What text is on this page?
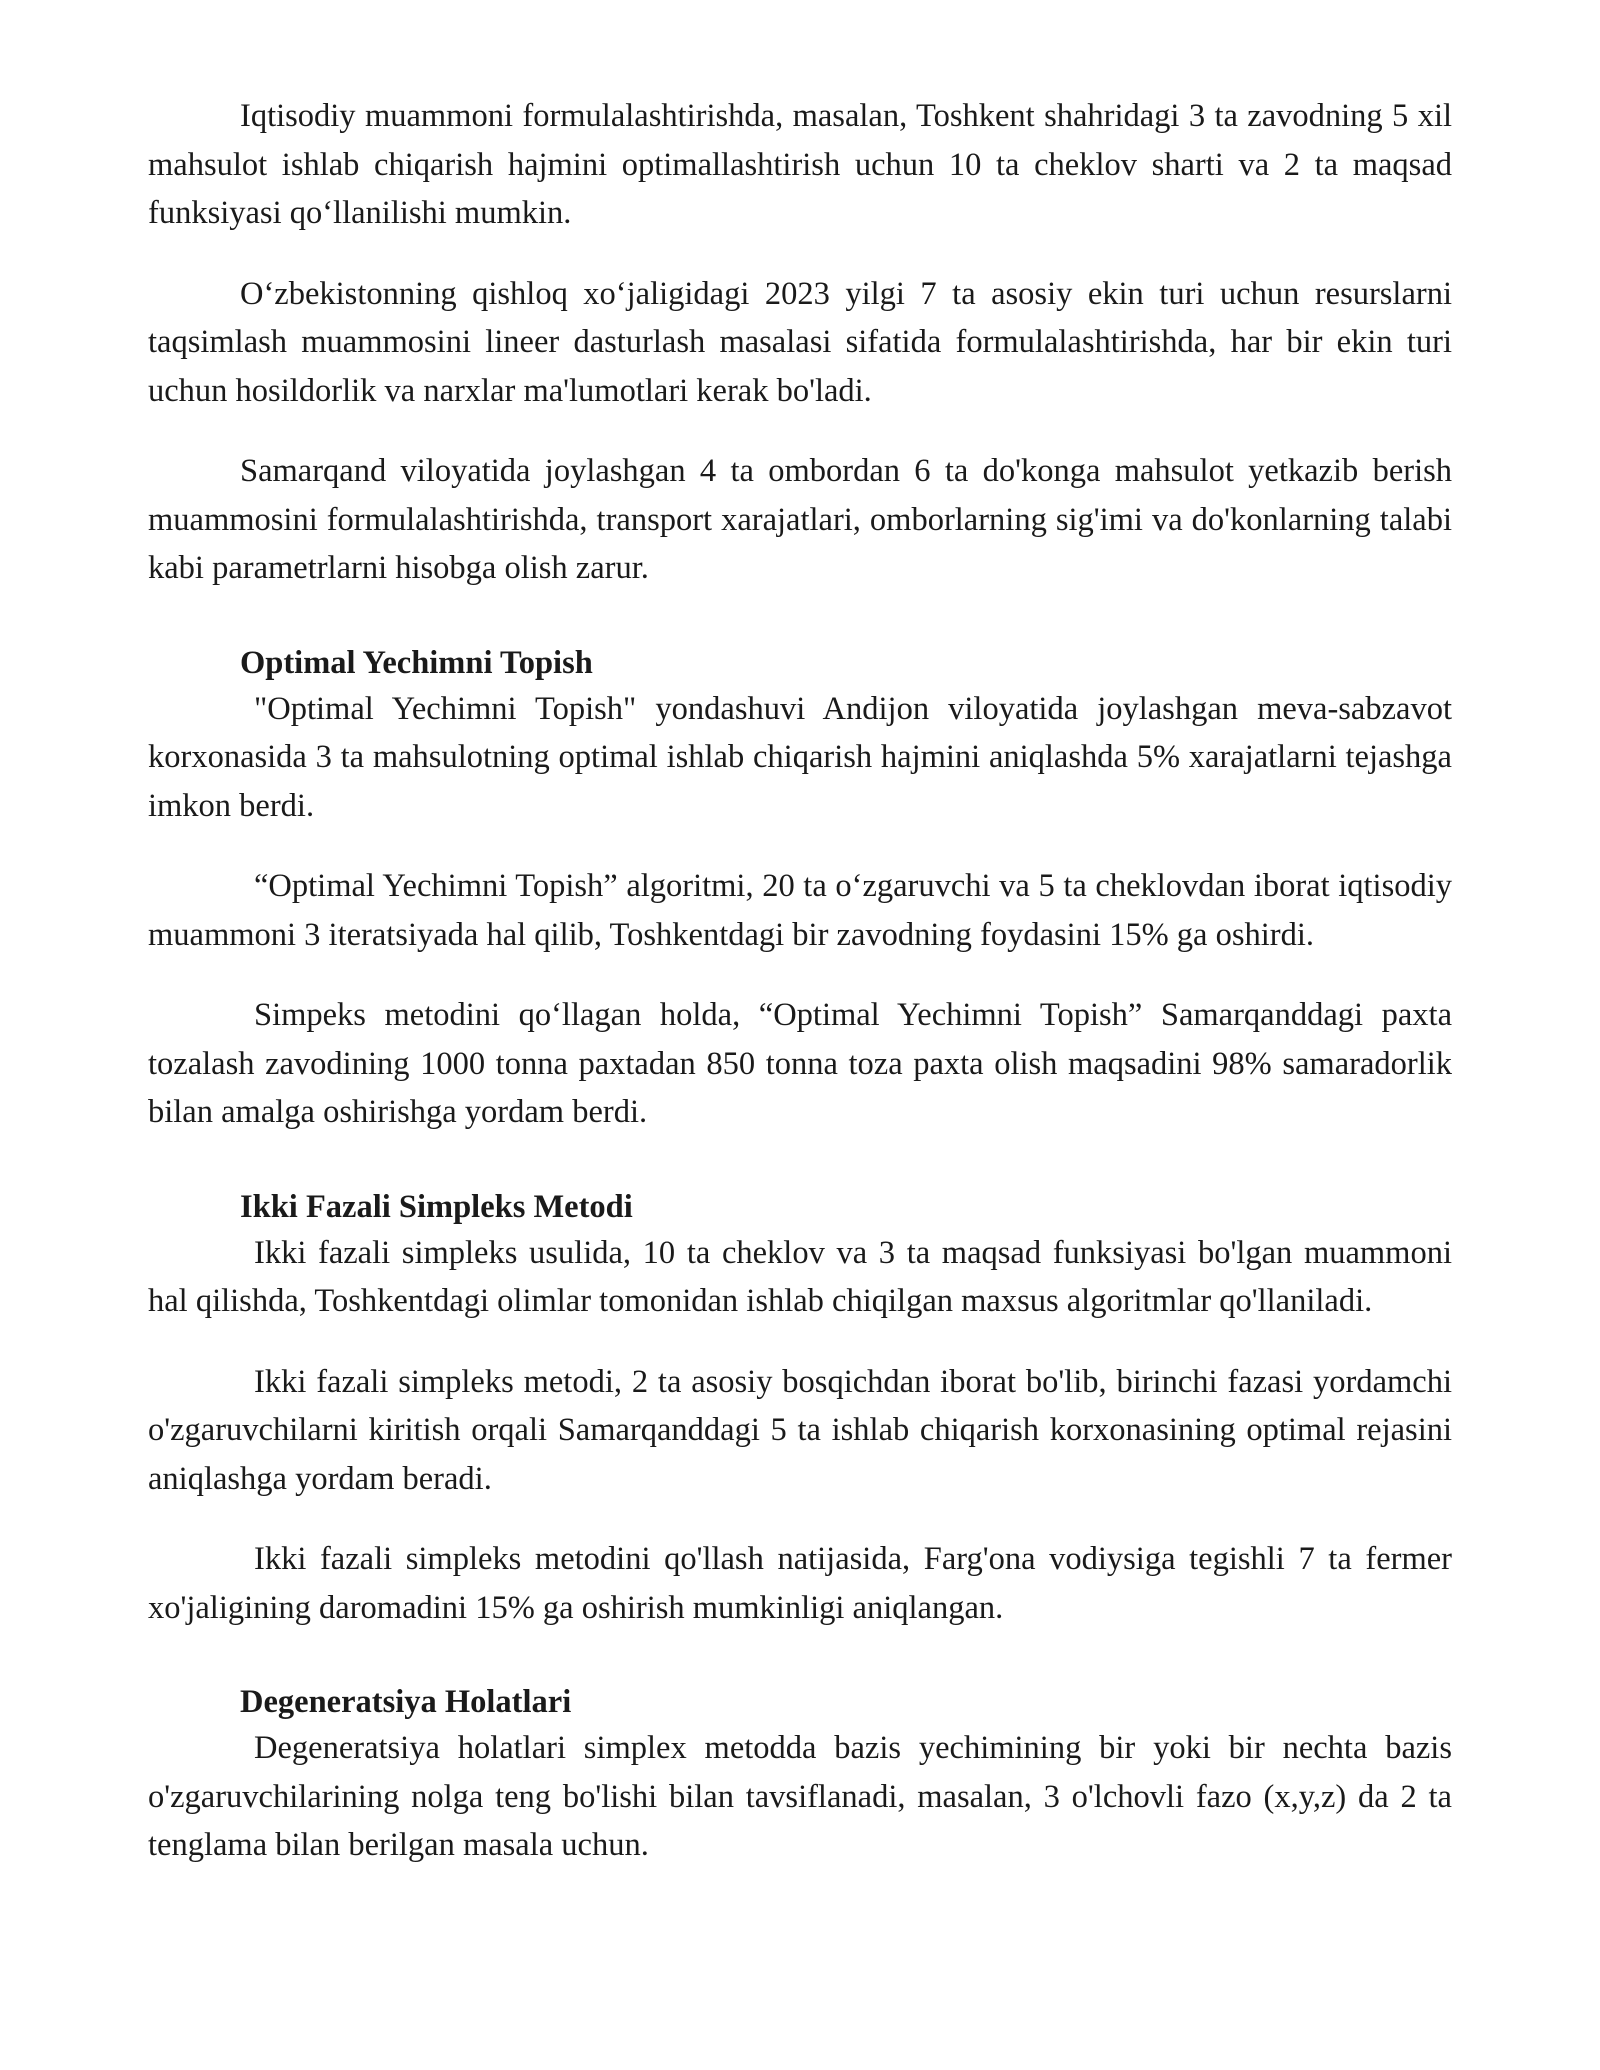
Iqtisodiy muammoni formulalashtirishda, masalan, Toshkent shahridagi 3 ta zavodning 5 xil mahsulot ishlab chiqarish hajmini optimallashtirish uchun 10 ta cheklov sharti va 2 ta maqsad funksiyasi qo‘llanilishi mumkin.

O‘zbekistonning qishloq xo‘jaligidagi 2023 yilgi 7 ta asosiy ekin turi uchun resurslarni taqsimlash muammosini lineer dasturlash masalasi sifatida formulalashtirishda, har bir ekin turi uchun hosildorlik va narxlar ma'lumotlari kerak bo'ladi.

Samarqand viloyatida joylashgan 4 ta ombordan 6 ta do'konga mahsulot yetkazib berish muammosini formulalashtirishda, transport xarajatlari, omborlarning sig'imi va do'konlarning talabi kabi parametrlarni hisobga olish zarur.

Optimal Yechimni Topish

"Optimal Yechimni Topish" yondashuvi Andijon viloyatida joylashgan meva-sabzavot korxonasida 3 ta mahsulotning optimal ishlab chiqarish hajmini aniqlashda 5% xarajatlarni tejashga imkon berdi.

“Optimal Yechimni Topish” algoritmi, 20 ta o‘zgaruvchi va 5 ta cheklovdan iborat iqtisodiy muammoni 3 iteratsiyada hal qilib, Toshkentdagi bir zavodning foydasini 15% ga oshirdi.

Simpeks metodini qo‘llagan holda, “Optimal Yechimni Topish” Samarqanddagi paxta tozalash zavodining 1000 tonna paxtadan 850 tonna toza paxta olish maqsadini 98% samaradorlik bilan amalga oshirishga yordam berdi.

Ikki Fazali Simpleks Metodi

Ikki fazali simpleks usulida, 10 ta cheklov va 3 ta maqsad funksiyasi bo'lgan muammoni hal qilishda, Toshkentdagi olimlar tomonidan ishlab chiqilgan maxsus algoritmlar qo'llaniladi.

Ikki fazali simpleks metodi, 2 ta asosiy bosqichdan iborat bo'lib, birinchi fazasi yordamchi o'zgaruvchilarni kiritish orqali Samarqanddagi 5 ta ishlab chiqarish korxonasining optimal rejasini aniqlashga yordam beradi.

Ikki fazali simpleks metodini qo'llash natijasida, Farg'ona vodiysiga tegishli 7 ta fermer xo'jaligining daromadini 15% ga oshirish mumkinligi aniqlangan.

Degeneratsiya Holatlari

Degeneratsiya holatlari simplex metodda bazis yechimining bir yoki bir nechta bazis o'zgaruvchilarining nolga teng bo'lishi bilan tavsiflanadi, masalan, 3 o'lchovli fazo (x,y,z) da 2 ta tenglama bilan berilgan masala uchun.
